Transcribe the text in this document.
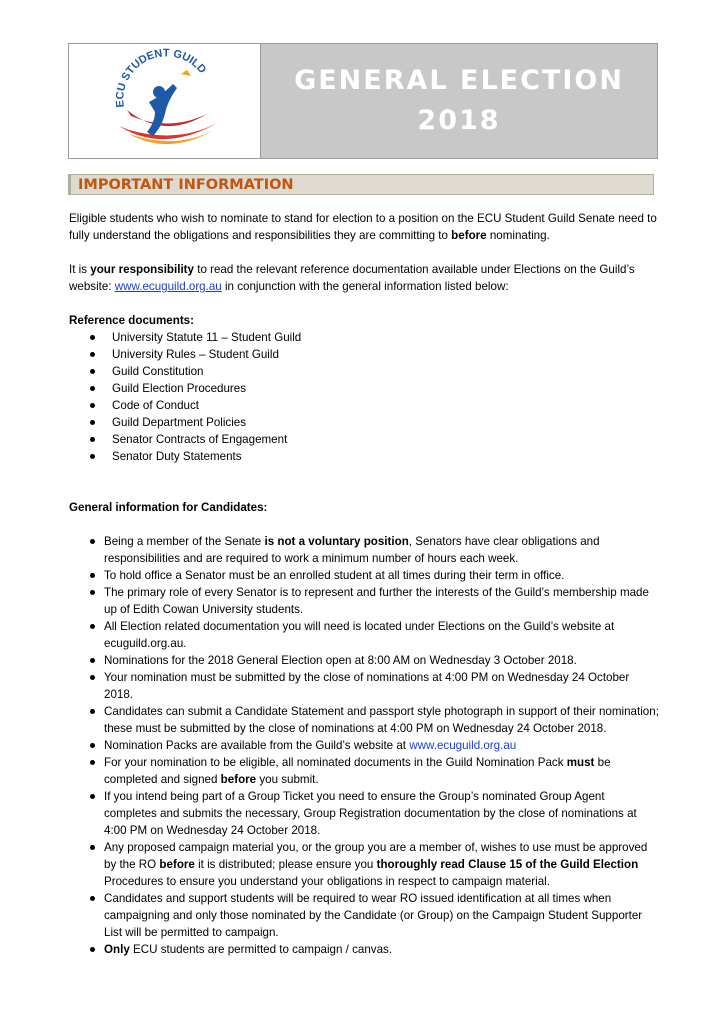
ECU STUDENT GUILD	GENERAL ELECTION
2018
IMPORTANT INFORMATION

Eligible students who wish to nominate to stand for election to a position on the ECU Student Guild Senate need to fully understand the obligations and responsibilities they are committing to before nominating.

It is your responsibility to read the relevant reference documentation available under Elections on the Guild’s website: www.ecuguild.org.au in conjunction with the general information listed below:

Reference documents:

University Statute 11 – Student Guild
University Rules – Student Guild
Guild Constitution
Guild Election Procedures
Code of Conduct
Guild Department Policies
Senator Contracts of Engagement
Senator Duty Statements

General information for Candidates:

Being a member of the Senate is not a voluntary position, Senators have clear obligations and responsibilities and are required to work a minimum number of hours each week.
To hold office a Senator must be an enrolled student at all times during their term in office.
The primary role of every Senator is to represent and further the interests of the Guild’s membership made up of Edith Cowan University students.
All Election related documentation you will need is located under Elections on the Guild’s website at ecuguild.org.au.
Nominations for the 2018 General Election open at 8:00 AM on Wednesday 3 October 2018.
Your nomination must be submitted by the close of nominations at 4:00 PM on Wednesday 24 October 2018.
Candidates can submit a Candidate Statement and passport style photograph in support of their nomination; these must be submitted by the close of nominations at 4:00 PM on Wednesday 24 October 2018.
Nomination Packs are available from the Guild’s website at www.ecuguild.org.au
For your nomination to be eligible, all nominated documents in the Guild Nomination Pack must be completed and signed before you submit.
If you intend being part of a Group Ticket you need to ensure the Group’s nominated Group Agent completes and submits the necessary, Group Registration documentation by the close of nominations at 4:00 PM on Wednesday 24 October 2018.
Any proposed campaign material you, or the group you are a member of, wishes to use must be approved by the RO before it is distributed; please ensure you thoroughly read Clause 15 of the Guild Election Procedures to ensure you understand your obligations in respect to campaign material.
Candidates and support students will be required to wear RO issued identification at all times when campaigning and only those nominated by the Candidate (or Group) on the Campaign Student Supporter List will be permitted to campaign.
Only ECU students are permitted to campaign / canvas.
